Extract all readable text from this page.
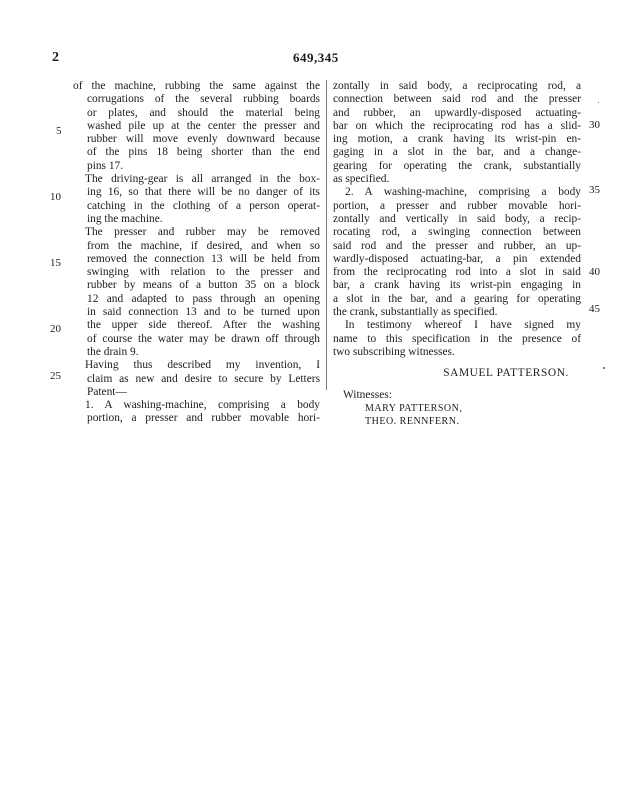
2	649,345
5
10
15
20
25
30
35
40
45
of the machine, rubbing the same against the
corrugations of the several rubbing boards
or plates, and should the material being
washed pile up at the center the presser and
rubber will move evenly downward because
of the pins 18 being shorter than the end
pins 17.
The driving-gear is all arranged in the box-
ing 16, so that there will be no danger of its
catching in the clothing of a person operat-
ing the machine.
The presser and rubber may be removed
from the machine, if desired, and when so
removed the connection 13 will be held from
swinging with relation to the presser and
rubber by means of a button 35 on a block
12 and adapted to pass through an opening
in said connection 13 and to be turned upon
the upper side thereof. After the washing
of course the water may be drawn off through
the drain 9.
Having thus described my invention, I
claim as new and desire to secure by Letters
Patent—
1. A washing-machine, comprising a body
portion, a presser and rubber movable hori-
zontally in said body, a reciprocating rod, a
connection between said rod and the presser
and rubber, an upwardly-disposed actuating-
bar on which the reciprocating rod has a slid-
ing motion, a crank having its wrist-pin en-
gaging in a slot in the bar, and a change-
gearing for operating the crank, substantially
as specified.
2. A washing-machine, comprising a body
portion, a presser and rubber movable hori-
zontally and vertically in said body, a recip-
rocating rod, a swinging connection between
said rod and the presser and rubber, an up-
wardly-disposed actuating-bar, a pin extended
from the reciprocating rod into a slot in said
bar, a crank having its wrist-pin engaging in
a slot in the bar, and a gearing for operating
the crank, substantially as specified.
In testimony whereof I have signed my
name to this specification in the presence of
two subscribing witnesses.
SAMUEL PATTERSON.
Witnesses:
MARY PATTERSON,
THEO. RENNFERN.
